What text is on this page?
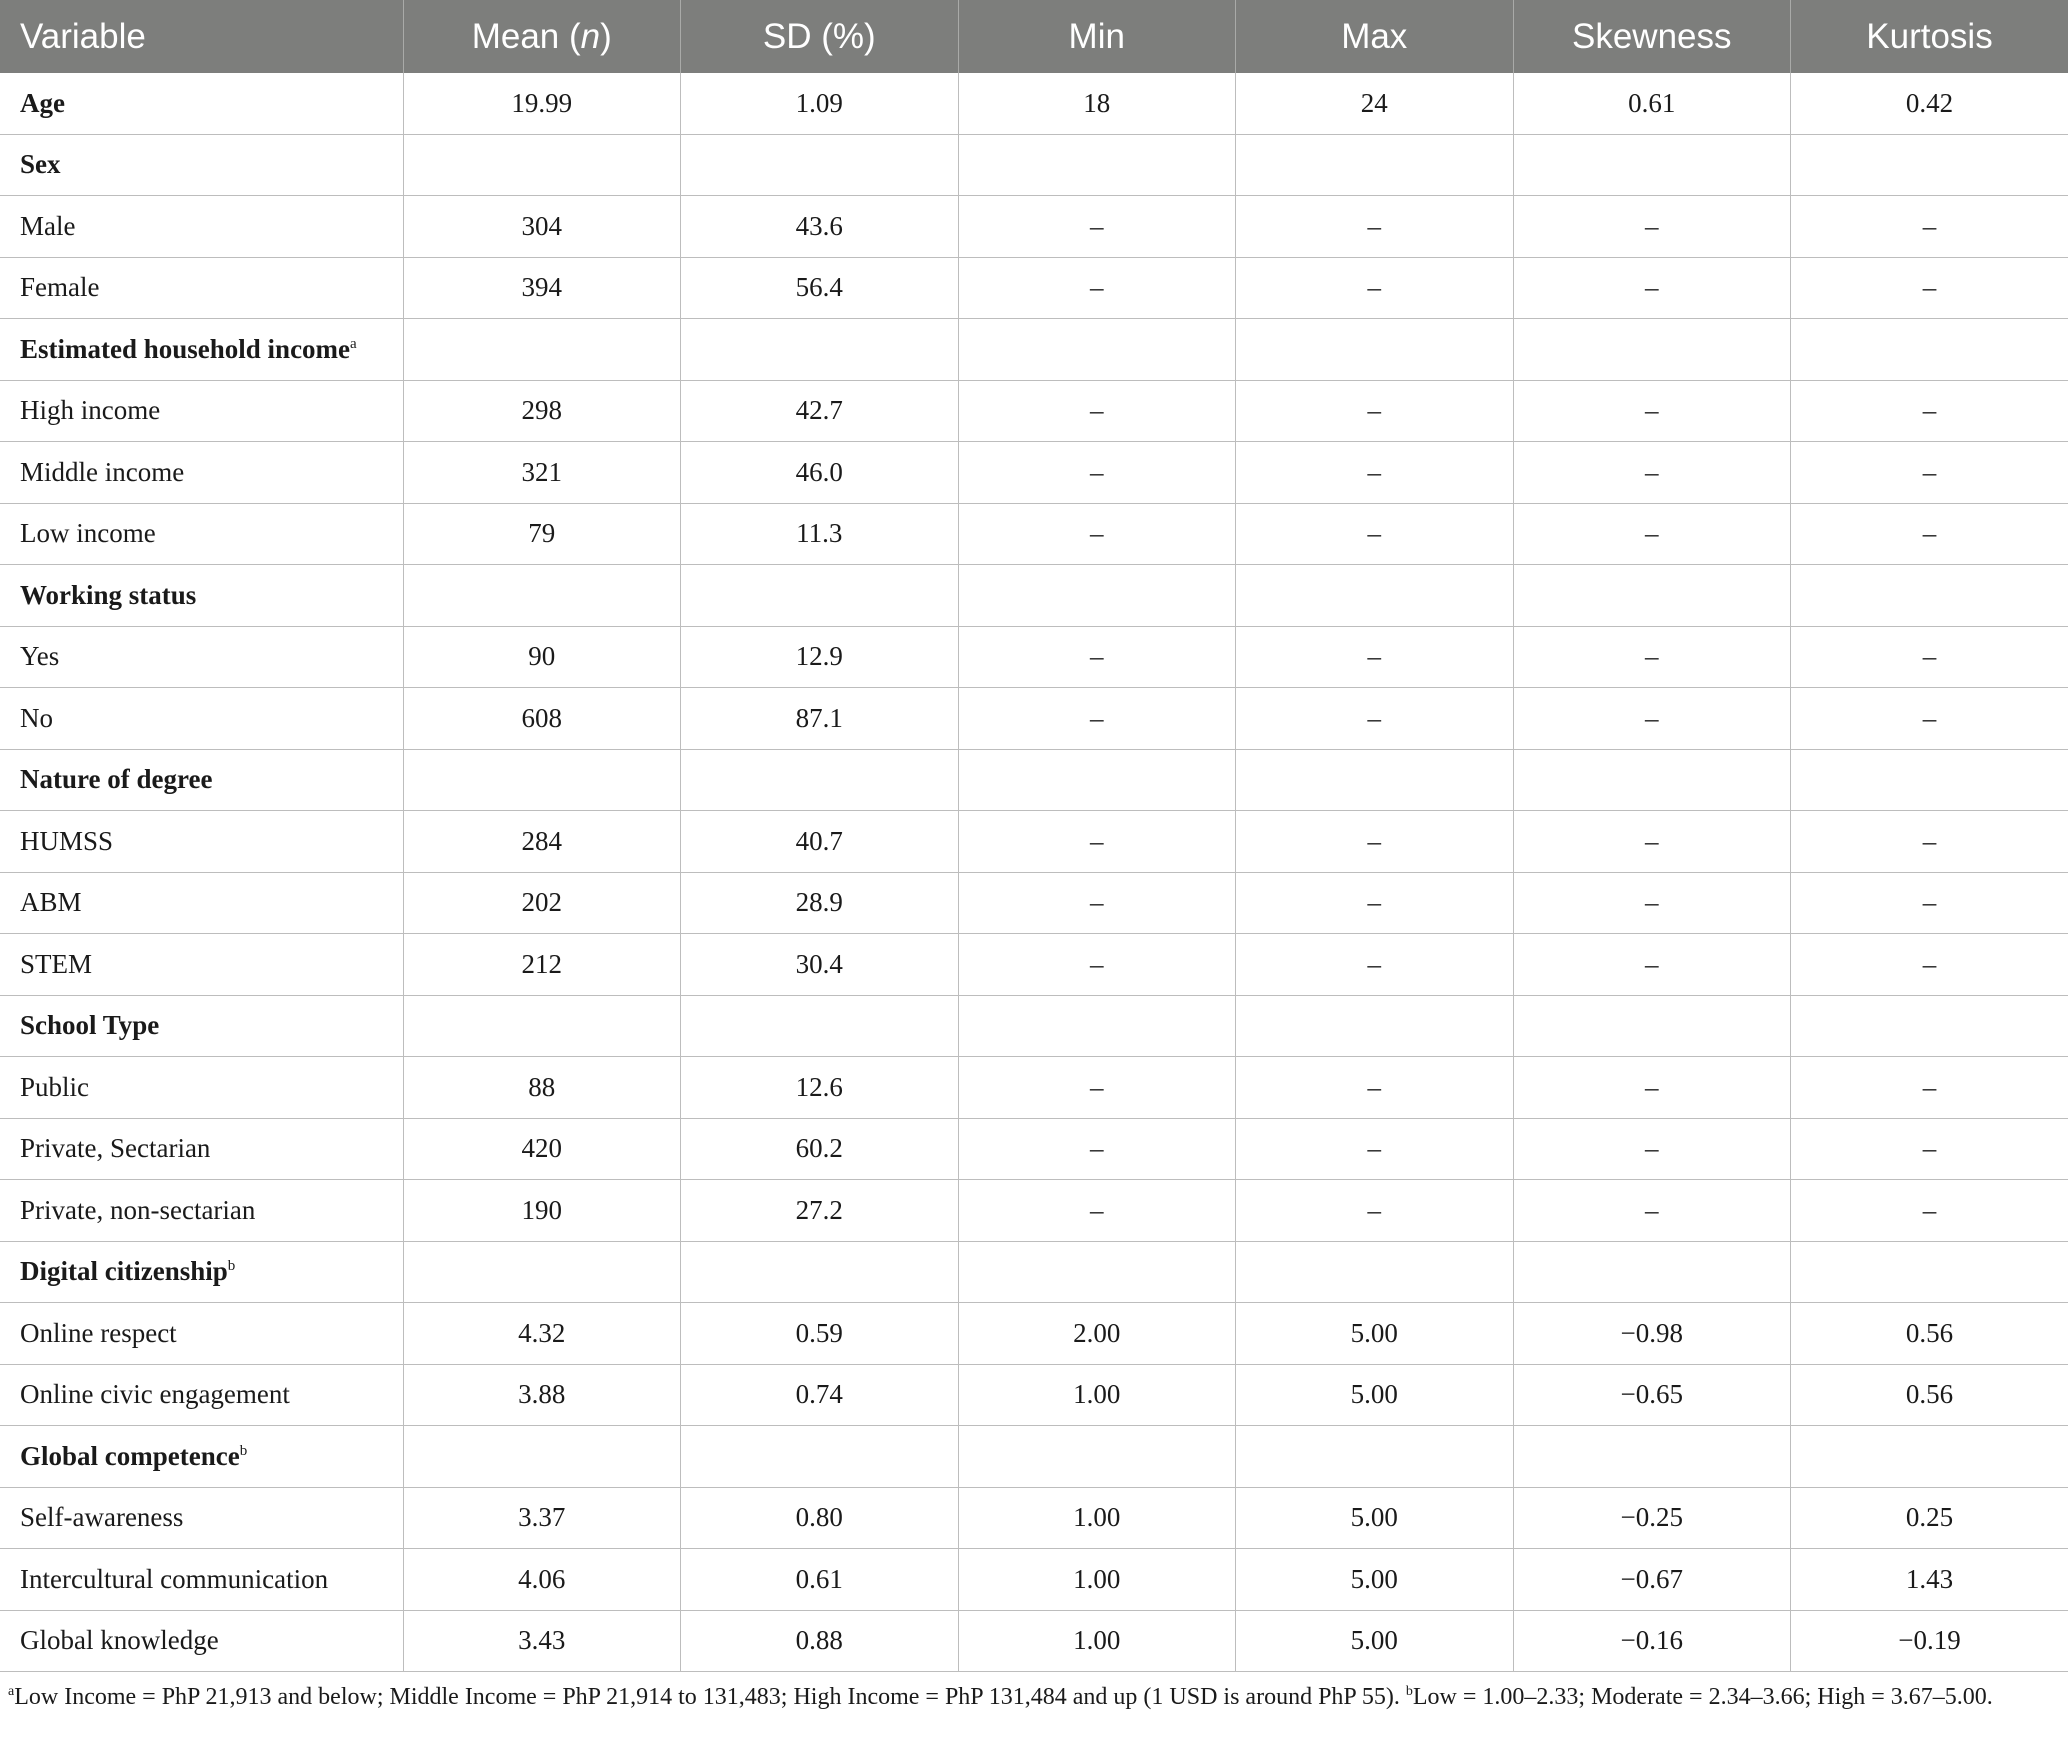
Variable	Mean (n)	SD (%)	Min	Max	Skewness	Kurtosis
Age	19.99	1.09	18	24	0.61	0.42
Sex						
Male	304	43.6	–	–	–	–
Female	394	56.4	–	–	–	–
Estimated household income$^a$						
High income	298	42.7	–	–	–	–
Middle income	321	46.0	–	–	–	–
Low income	79	11.3	–	–	–	–
Working status						
Yes	90	12.9	–	–	–	–
No	608	87.1	–	–	–	–
Nature of degree						
HUMSS	284	40.7	–	–	–	–
ABM	202	28.9	–	–	–	–
STEM	212	30.4	–	–	–	–
School Type						
Public	88	12.6	–	–	–	–
Private, Sectarian	420	60.2	–	–	–	–
Private, non-sectarian	190	27.2	–	–	–	–
Digital citizenship$^b$						
Online respect	4.32	0.59	2.00	5.00	−0.98	0.56
Online civic engagement	3.88	0.74	1.00	5.00	−0.65	0.56
Global competence$^b$						
Self-awareness	3.37	0.80	1.00	5.00	−0.25	0.25
Intercultural communication	4.06	0.61	1.00	5.00	−0.67	1.43
Global knowledge	3.43	0.88	1.00	5.00	−0.16	−0.19
$^a$Low Income = PhP 21,913 and below; Middle Income = PhP 21,914 to 131,483; High Income = PhP 131,484 and up (1 USD is around PhP 55). $^b$Low = 1.00–2.33; Moderate = 2.34–3.66; High = 3.67–5.00.
